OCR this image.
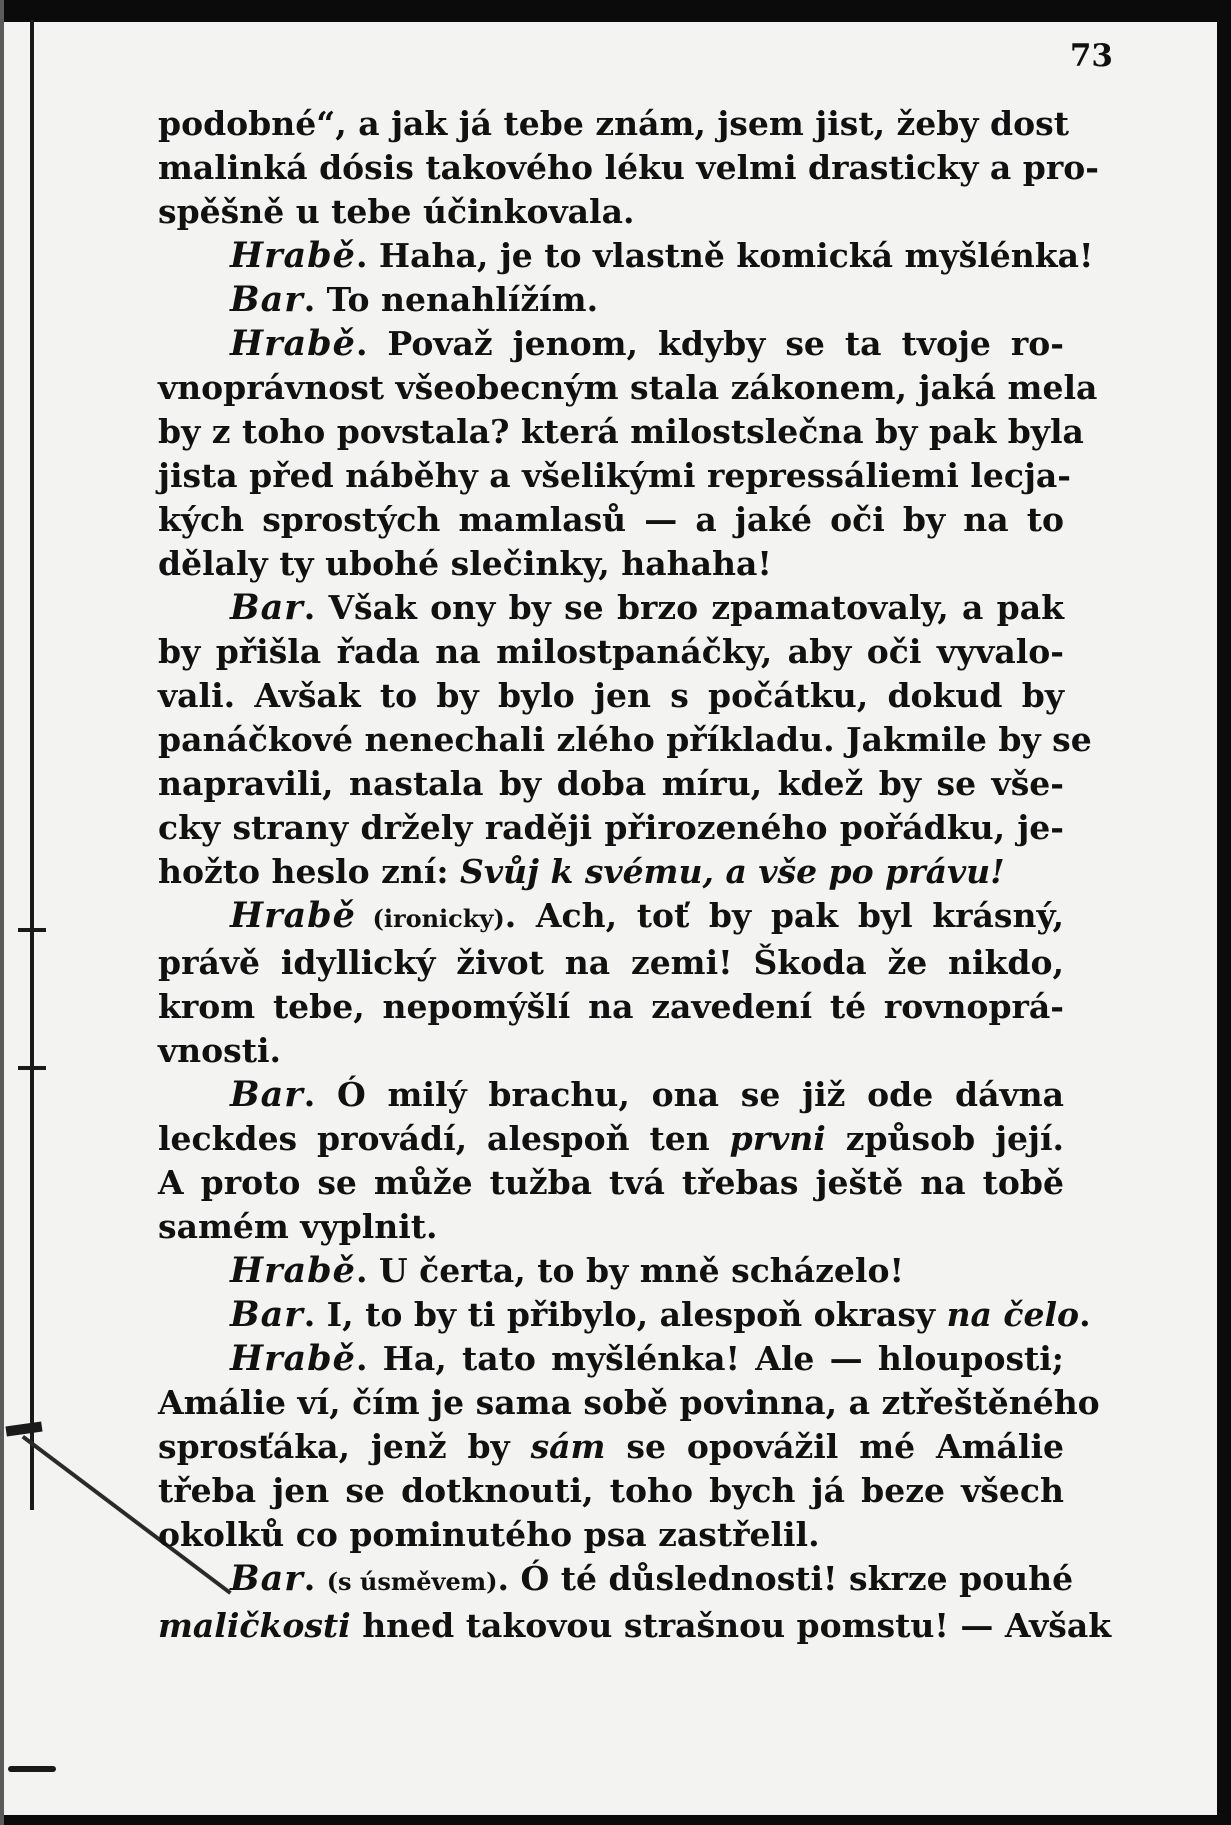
73
podobné“, a jak já tebe znám, jsem jist, žeby dost
malinká dósis takového léku velmi drasticky a pro-
spěšně u tebe účinkovala.
Hrabě. Haha, je to vlastně komická myšlénka!
Bar. To nenahlížím.
Hrabě. Považ jenom, kdyby se ta tvoje ro-
vnoprávnost všeobecným stala zákonem, jaká mela
by z toho povstala? která milostslečna by pak byla
jista před náběhy a všelikými repressáliemi lecja-
kých sprostých mamlasů — a jaké oči by na to
dělaly ty ubohé slečinky, hahaha!
Bar. Však ony by se brzo zpamatovaly, a pak
by přišla řada na milostpanáčky, aby oči vyvalo-
vali. Avšak to by bylo jen s počátku, dokud by
panáčkové nenechali zlého příkladu. Jakmile by se
napravili, nastala by doba míru, kdež by se vše-
cky strany držely raději přirozeného pořádku, je-
hožto heslo zní: Svůj k svému, a vše po právu!
Hrabě (ironicky). Ach, toť by pak byl krásný,
právě idyllický život na zemi! Škoda že nikdo,
krom tebe, nepomýšlí na zavedení té rovnoprá-
vnosti.
Bar. Ó milý brachu, ona se již ode dávna
leckdes provádí, alespoň ten prvni způsob její.
A proto se může tužba tvá třebas ještě na tobě
samém vyplnit.
Hrabě. U čerta, to by mně scházelo!
Bar. I, to by ti přibylo, alespoň okrasy na čelo.
Hrabě. Ha, tato myšlénka! Ale — hlouposti;
Amálie ví, čím je sama sobě povinna, a ztřeštěného
sprosťáka, jenž by sám se opovážil mé Amálie
třeba jen se dotknouti, toho bych já beze všech
okolků co pominutého psa zastřelil.
Bar. (s úsměvem). Ó té důslednosti! skrze pouhé
maličkosti hned takovou strašnou pomstu! — Avšak
